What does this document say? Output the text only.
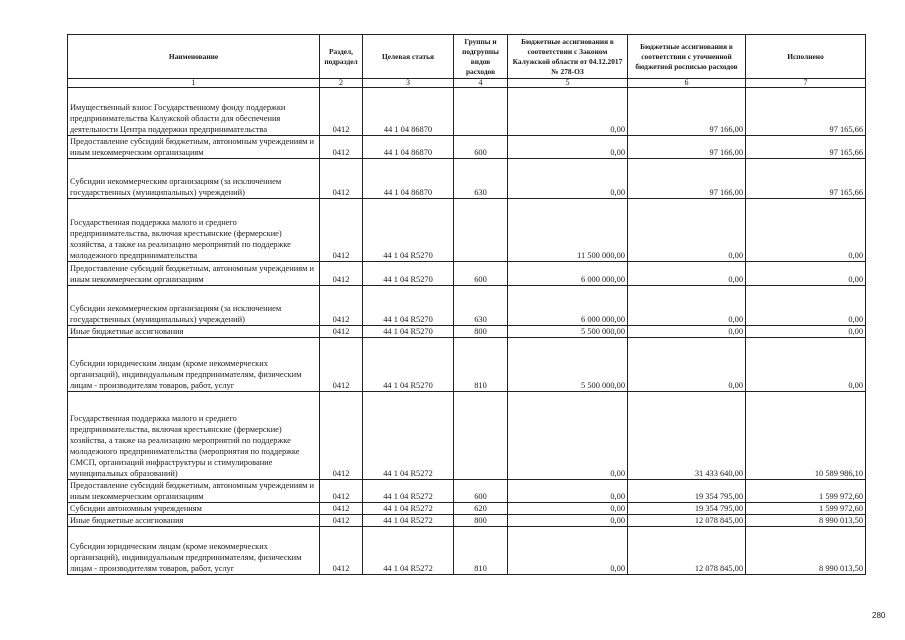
Наименование	Раздел, подраздел	Целевая статья	Группы и подгруппы видов расходов	Бюджетные ассигнования в соответствии с Законом Калужской области от 04.12.2017 № 278-ОЗ	Бюджетные ассигнования в соответствии с уточненной бюджетной росписью расходов	Исполнено
1	2	3	4	5	6	7
Имущественный взнос Государственному фонду поддержки предпринимательства Калужской области для обеспечения деятельности Центра поддержки предпринимательства	0412	44 1 04 86870		0,00	97 166,00	97 165,66
Предоставление субсидий бюджетным, автономным учреждениям и иным некоммерческим организациям	0412	44 1 04 86870	600	0,00	97 166,00	97 165,66
Субсидии некоммерческим организациям (за исключением государственных (муниципальных) учреждений)	0412	44 1 04 86870	630	0,00	97 166,00	97 165,66
Государственная поддержка малого и среднего предпринимательства, включая крестьянские (фермерские) хозяйства, а также на реализацию мероприятий по поддержке молодежного предпринимательства	0412	44 1 04 R5270		11 500 000,00	0,00	0,00
Предоставление субсидий бюджетным, автономным учреждениям и иным некоммерческим организациям	0412	44 1 04 R5270	600	6 000 000,00	0,00	0,00
Субсидии некоммерческим организациям (за исключением государственных (муниципальных) учреждений)	0412	44 1 04 R5270	630	6 000 000,00	0,00	0,00
Иные бюджетные ассигнования	0412	44 1 04 R5270	800	5 500 000,00	0,00	0,00
Субсидии юридическим лицам (кроме некоммерческих организаций), индивидуальным предпринимателям, физическим лицам - производителям товаров, работ, услуг	0412	44 1 04 R5270	810	5 500 000,00	0,00	0,00
Государственная поддержка малого и среднего предпринимательства, включая крестьянские (фермерские) хозяйства, а также на реализацию мероприятий по поддержке молодежного предпринимательства (мероприятия по поддержке СМСП, организаций инфраструктуры и стимулирование муниципальных образований)	0412	44 1 04 R5272		0,00	31 433 640,00	10 589 986,10
Предоставление субсидий бюджетным, автономным учреждениям и иным некоммерческим организациям	0412	44 1 04 R5272	600	0,00	19 354 795,00	1 599 972,60
Субсидии автономным учреждениям	0412	44 1 04 R5272	620	0,00	19 354 795,00	1 599 972,60
Иные бюджетные ассигнования	0412	44 1 04 R5272	800	0,00	12 078 845,00	8 990 013,50
Субсидии юридическим лицам (кроме некоммерческих организаций), индивидуальным предпринимателям, физическим лицам - производителям товаров, работ, услуг	0412	44 1 04 R5272	810	0,00	12 078 845,00	8 990 013,50
280
